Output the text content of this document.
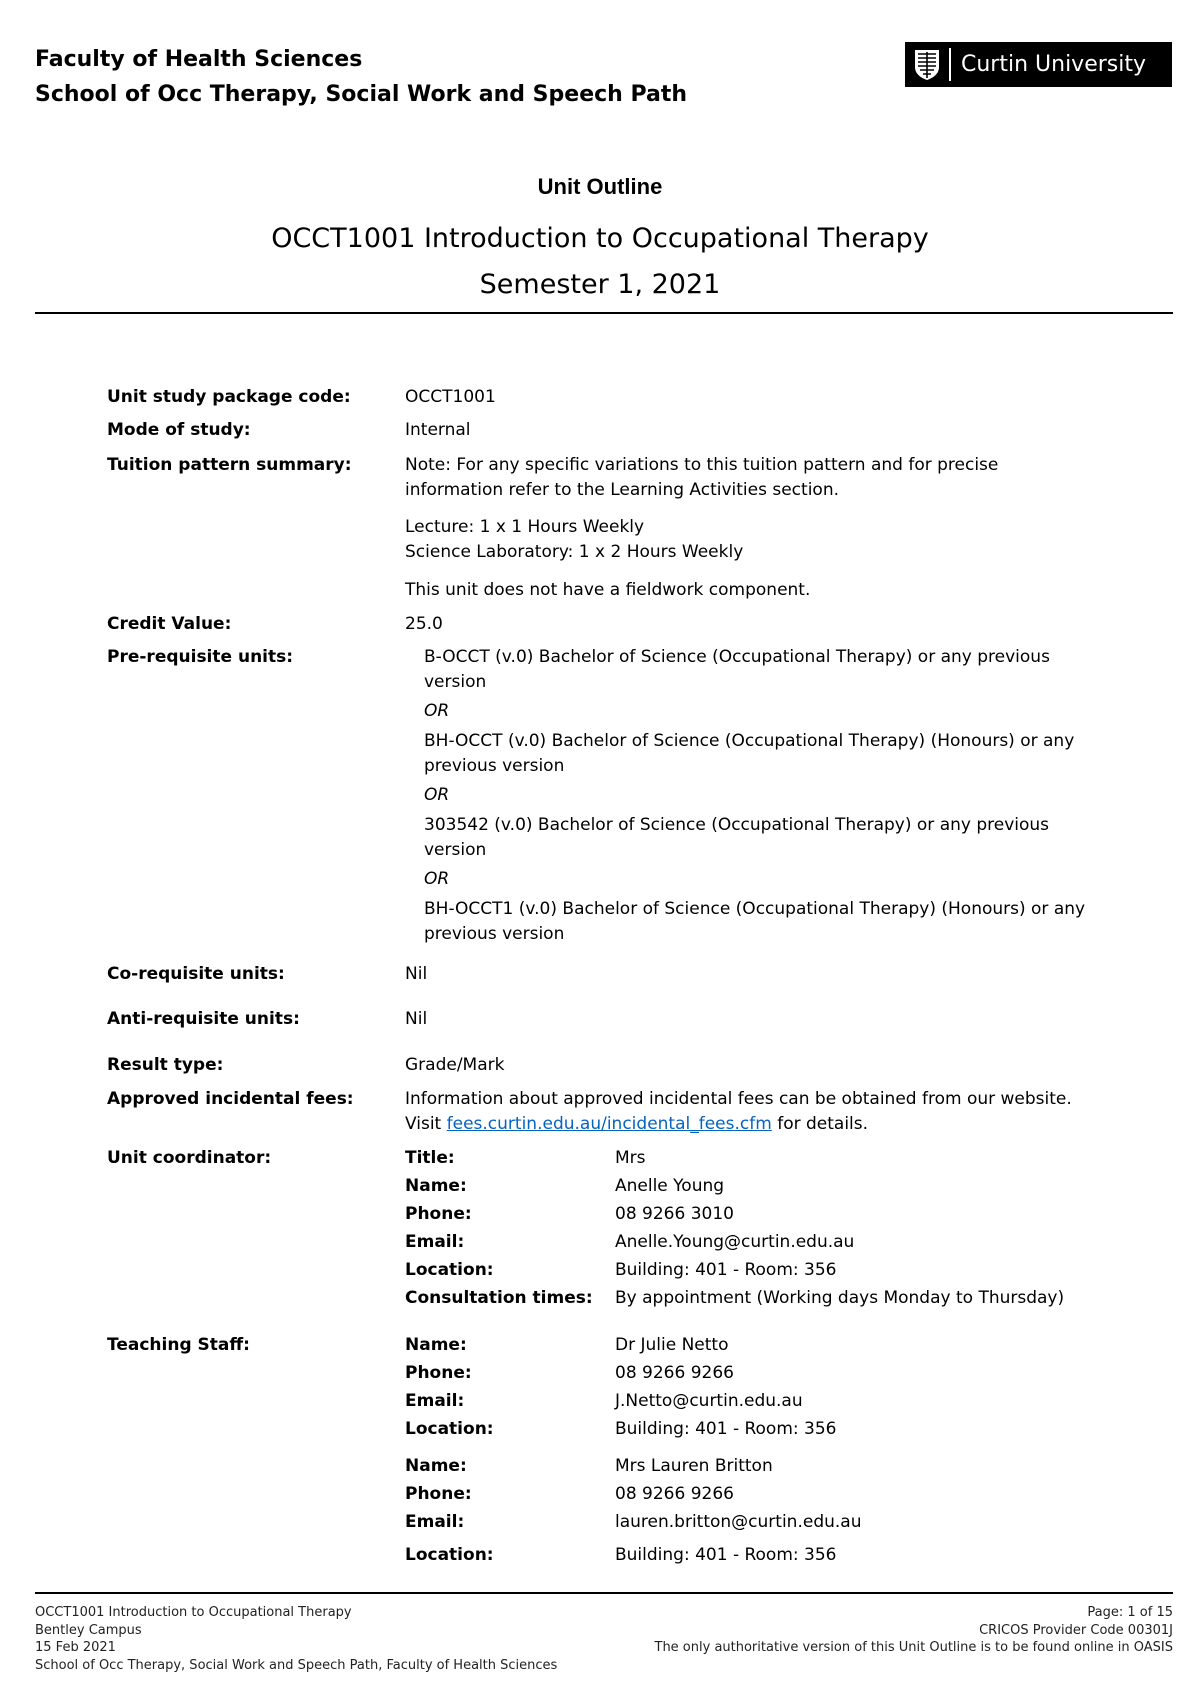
Faculty of Health Sciences
School of Occ Therapy, Social Work and Speech Path
Curtin University
Unit Outline
OCCT1001 Introduction to Occupational Therapy
Semester 1, 2021
Unit study package code:	OCCT1001
Mode of study:	Internal
Tuition pattern summary:	Note: For any specific variations to this tuition pattern and for precise
information refer to the Learning Activities section.
Lecture: 1 x 1 Hours Weekly
Science Laboratory: 1 x 2 Hours Weekly
This unit does not have a fieldwork component.
Credit Value:	25.0
Pre-requisite units:	B-OCCT (v.0) Bachelor of Science (Occupational Therapy) or any previous
version
OR
BH-OCCT (v.0) Bachelor of Science (Occupational Therapy) (Honours) or any
previous version
OR
303542 (v.0) Bachelor of Science (Occupational Therapy) or any previous
version
OR
BH-OCCT1 (v.0) Bachelor of Science (Occupational Therapy) (Honours) or any
previous version
Co-requisite units:	Nil
Anti-requisite units:	Nil
Result type:	Grade/Mark
Approved incidental fees:	Information about approved incidental fees can be obtained from our website.
Visit fees.curtin.edu.au/incidental_fees.cfm for details.
Unit coordinator:	Title:	Mrs
Name:	Anelle Young
Phone:	08 9266 3010
Email:	Anelle.Young@curtin.edu.au
Location:	Building: 401 - Room: 356
Consultation times: By appointment (Working days Monday to Thursday)
Teaching Staff:	Name:	Dr Julie Netto
Phone:	08 9266 9266
Email:	J.Netto@curtin.edu.au
Location:	Building: 401 - Room: 356
Name:	Mrs Lauren Britton
Phone:	08 9266 9266
Email:	lauren.britton@curtin.edu.au
Location:	Building: 401 - Room: 356
OCCT1001 Introduction to Occupational Therapy
Bentley Campus
15 Feb 2021
School of Occ Therapy, Social Work and Speech Path, Faculty of Health Sciences
Page: 1 of 15
CRICOS Provider Code 00301J
The only authoritative version of this Unit Outline is to be found online in OASIS
